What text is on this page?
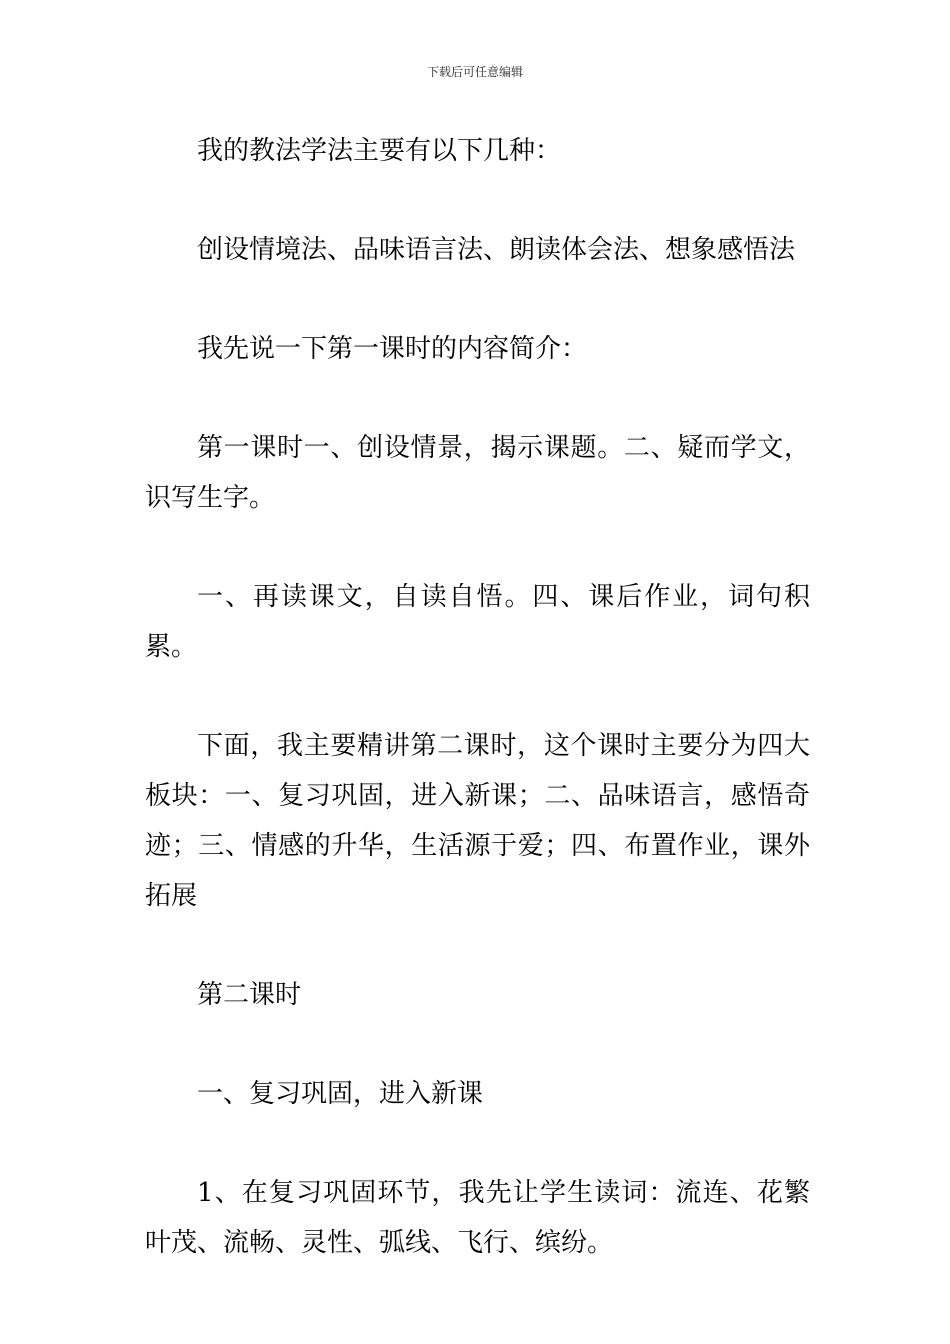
下载后可任意编辑

我的教法学法主要有以下几种：

创设情境法、品味语言法、朗读体会法、想象感悟法

我先说一下第一课时的内容简介：

第一课时一、创设情景，揭示课题。二、疑而学文，识写生字。

一、再读课文，自读自悟。四、课后作业，词句积累。

下面，我主要精讲第二课时，这个课时主要分为四大板块：一、复习巩固，进入新课；二、品味语言，感悟奇迹；三、情感的升华，生活源于爱；四、布置作业，课外拓展

第二课时

一、复习巩固，进入新课

1、在复习巩固环节，我先让学生读词：流连、花繁叶茂、流畅、灵性、弧线、飞行、缤纷。
